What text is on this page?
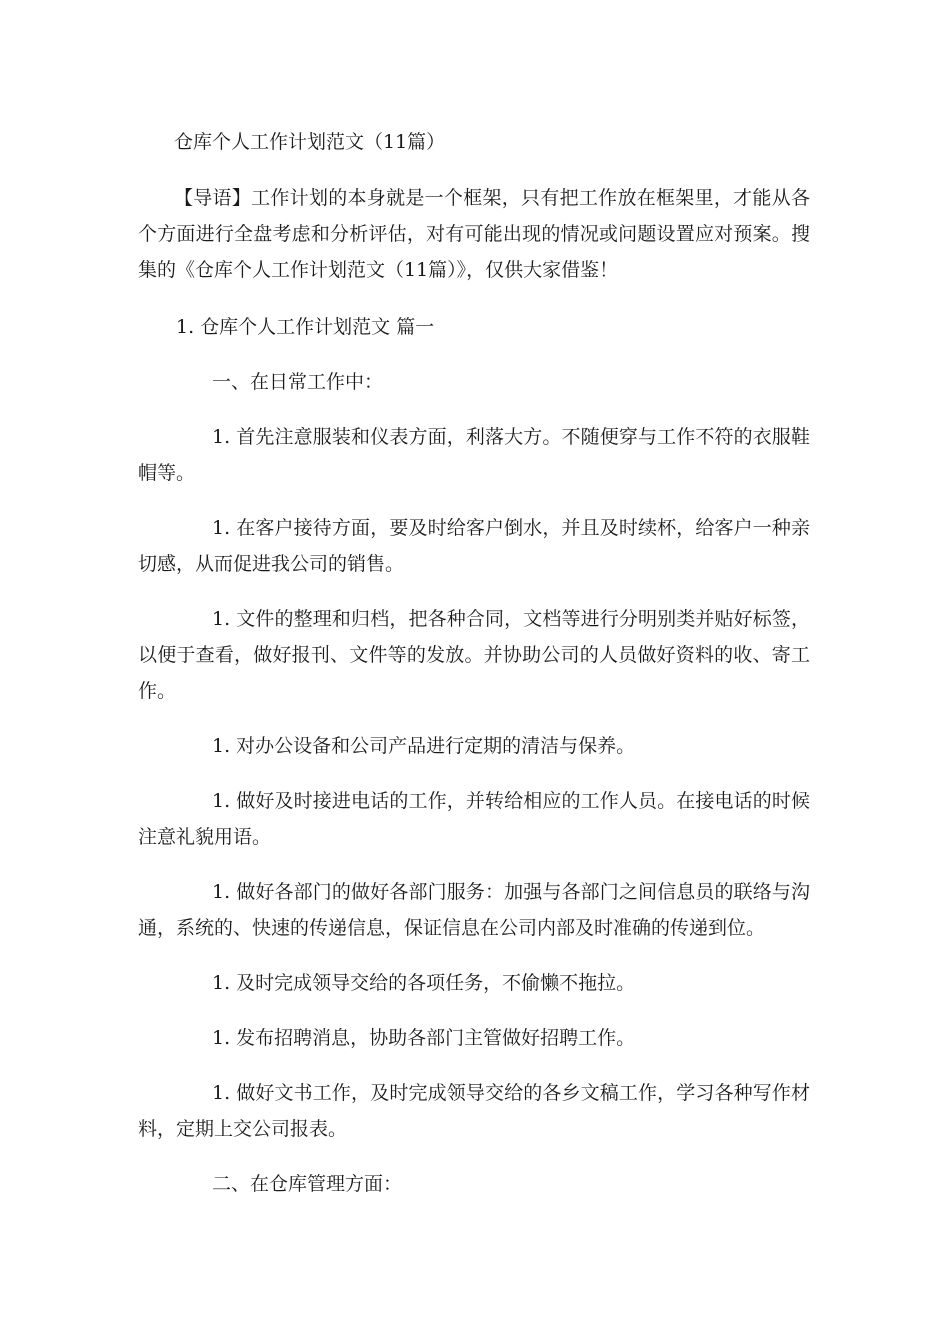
仓库个人工作计划范文（11篇）

【导语】工作计划的本身就是一个框架，只有把工作放在框架里，才能从各个方面进行全盘考虑和分析评估，对有可能出现的情况或问题设置应对预案。搜集的《仓库个人工作计划范文（11篇）》，仅供大家借鉴！

1. 仓库个人工作计划范文 篇一

一、在日常工作中：

1. 首先注意服装和仪表方面，利落大方。不随便穿与工作不符的衣服鞋帽等。

1. 在客户接待方面，要及时给客户倒水，并且及时续杯，给客户一种亲切感，从而促进我公司的销售。

1. 文件的整理和归档，把各种合同，文档等进行分明别类并贴好标签，以便于查看，做好报刊、文件等的发放。并协助公司的人员做好资料的收、寄工作。

1. 对办公设备和公司产品进行定期的清洁与保养。

1. 做好及时接进电话的工作，并转给相应的工作人员。在接电话的时候注意礼貌用语。

1. 做好各部门的做好各部门服务：加强与各部门之间信息员的联络与沟通，系统的、快速的传递信息，保证信息在公司内部及时准确的传递到位。

1. 及时完成领导交给的各项任务，不偷懒不拖拉。

1. 发布招聘消息，协助各部门主管做好招聘工作。

1. 做好文书工作，及时完成领导交给的各乡文稿工作，学习各种写作材料，定期上交公司报表。

二、在仓库管理方面：
